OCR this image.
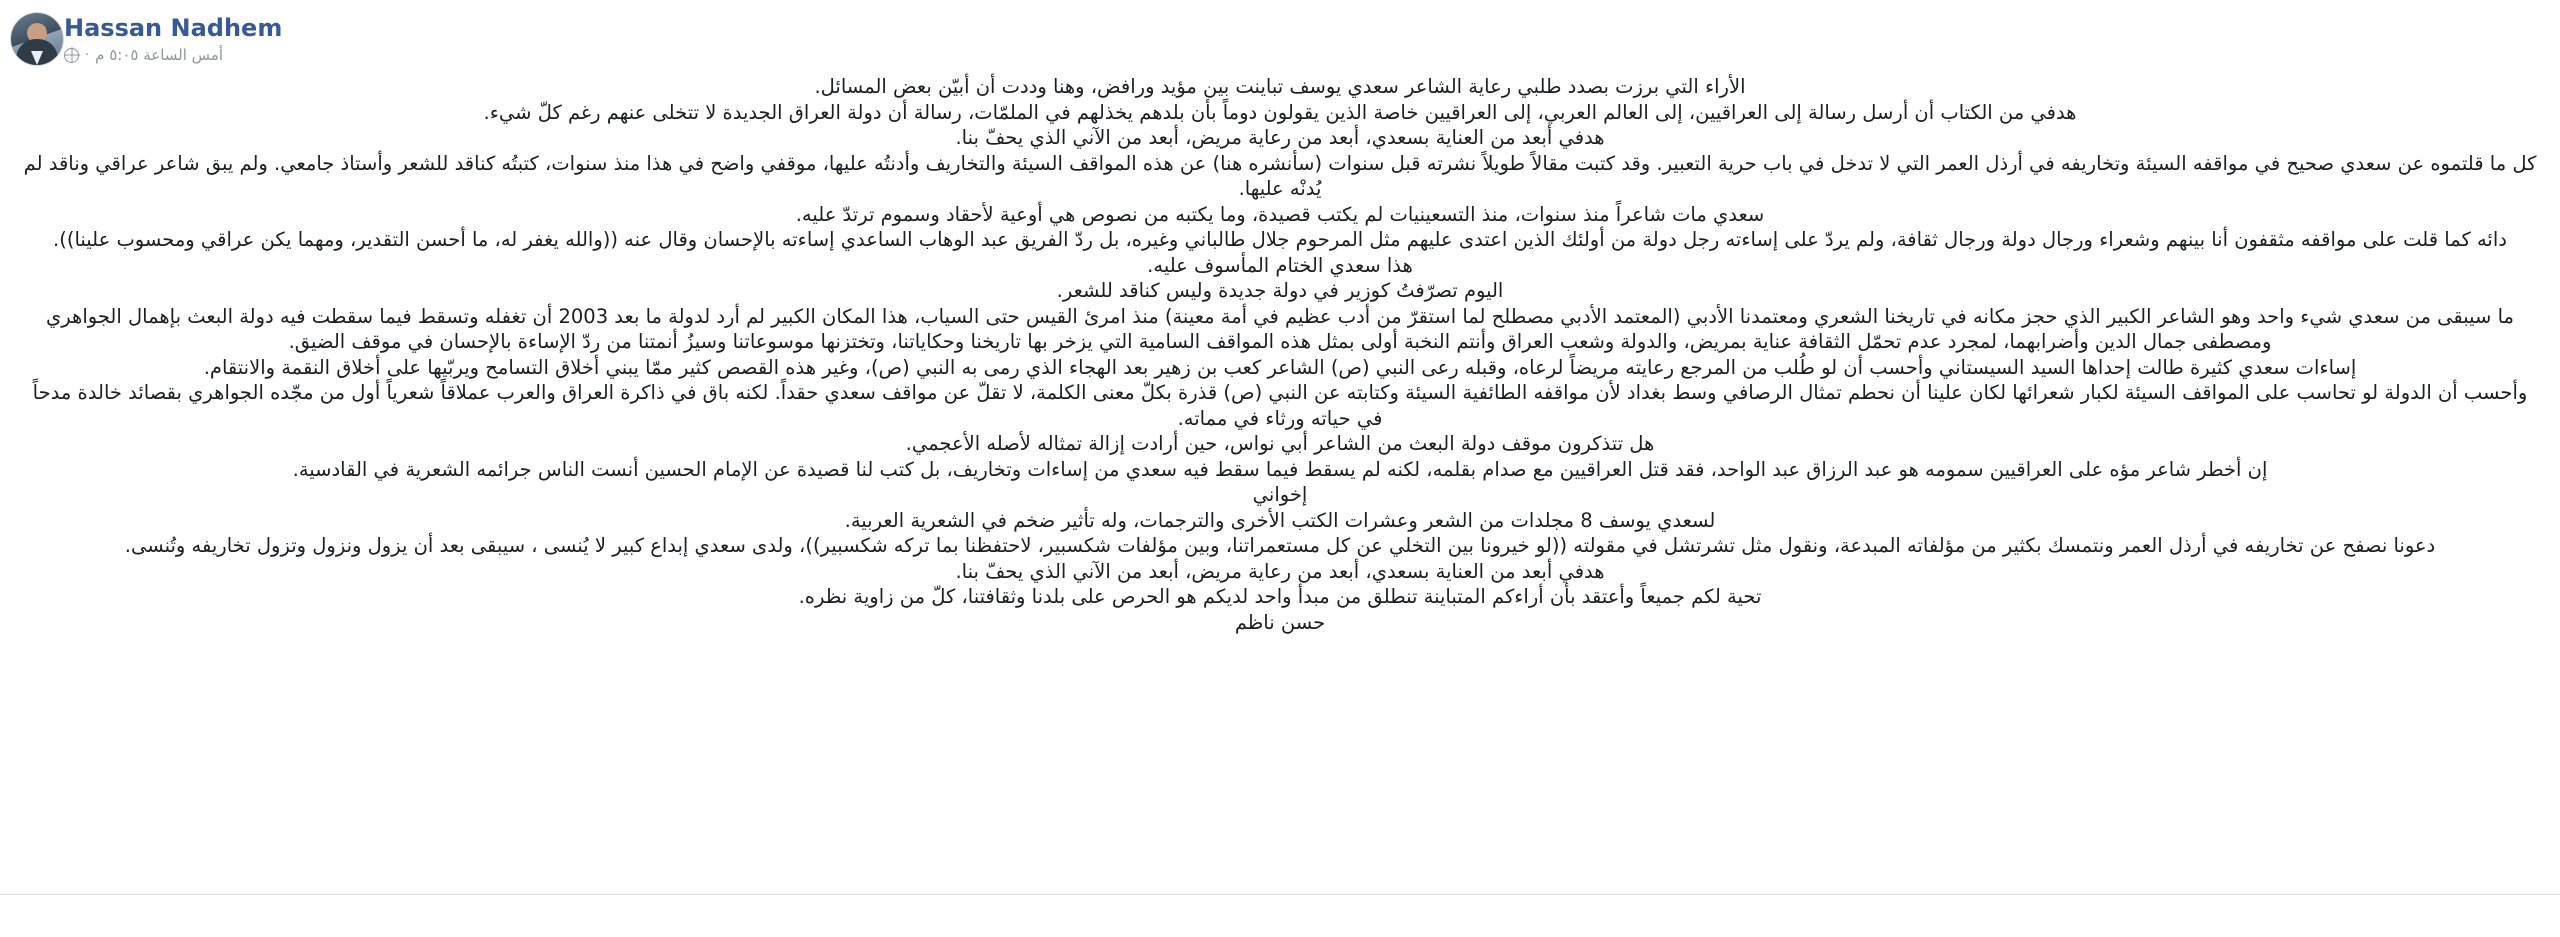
Hassan Nadhem
أمس الساعة ٥:٠٥ م
·

الأراء التي برزت بصدد طلبي رعاية الشاعر سعدي يوسف تباينت بين مؤيد ورافض، وهنا وددت أن أبيّن بعض المسائل.

هدفي من الكتاب أن أرسل رسالة إلى العراقيين، إلى العالم العربي، إلى العراقيين خاصة الذين يقولون دوماً بأن بلدهم يخذلهم في الملمّات، رسالة أن دولة العراق الجديدة لا تتخلى عنهم رغم كلّ شيء.

هدفي أبعد من العناية بسعدي، أبعد من رعاية مريض، أبعد من الآني الذي يحفّ بنا.

كل ما قلتموه عن سعدي صحيح في مواقفه السيئة وتخاريفه في أرذل العمر التي لا تدخل في باب حرية التعبير. وقد كتبت مقالاً طويلاً نشرته قبل سنوات (سأنشره هنا) عن هذه المواقف السيئة والتخاريف وأدنتُه عليها، موقفي واضح في هذا منذ سنوات، كتبتُه كناقد للشعر وأستاذ جامعي. ولم يبق شاعر عراقي وناقد لم يُدنْه عليها.

سعدي مات شاعراً منذ سنوات، منذ التسعينيات لم يكتب قصيدة، وما يكتبه من نصوص هي أوعية لأحقاد وسموم ترتدّ عليه.

دائه كما قلت على مواقفه مثقفون أنا بينهم وشعراء ورجال دولة ورجال ثقافة، ولم يردّ على إساءته رجل دولة من أولئك الذين اعتدى عليهم مثل المرحوم جلال طالباني وغيره، بل ردّ الفريق عبد الوهاب الساعدي إساءته بالإحسان وقال عنه ((والله يغفر له، ما أحسن التقدير، ومهما يكن عراقي ومحسوب علينا)).

هذا سعدي الختام المأسوف عليه.

اليوم تصرّفتُ كوزير في دولة جديدة وليس كناقد للشعر.

ما سيبقى من سعدي شيء واحد وهو الشاعر الكبير الذي حجز مكانه في تاريخنا الشعري ومعتمدنا الأدبي (المعتمد الأدبي مصطلح لما استقرّ من أدب عظيم في أمة معينة) منذ امرئ القيس حتى السياب، هذا المكان الكبير لم أرد لدولة ما بعد 2003 أن تغفله وتسقط فيما سقطت فيه دولة البعث بإهمال الجواهري ومصطفى جمال الدين وأضرابهما، لمجرد عدم تحمّل الثقافة عناية بمريض، والدولة وشعب العراق وأنتم النخبة أولى بمثل هذه المواقف السامية التي يزخر بها تاريخنا وحكاياتنا، وتختزنها موسوعاتنا وسيزُ أنمتنا من ردّ الإساءة بالإحسان في موقف الضيق.

إساءات سعدي كثيرة طالت إحداها السيد السيستاني وأحسب أن لو طُلب من المرجع رعايته مريضاً لرعاه، وقبله رعى النبي (ص) الشاعر كعب بن زهير بعد الهجاء الذي رمى به النبي (ص)، وغير هذه القصص كثير ممّا يبني أخلاق التسامح ويربّيها على أخلاق النقمة والانتقام.

وأحسب أن الدولة لو تحاسب على المواقف السيئة لكبار شعرائها لكان علينا أن نحطم تمثال الرصافي وسط بغداد لأن مواقفه الطائفية السيئة وكتابته عن النبي (ص) قذرة بكلّ معنى الكلمة، لا تقلّ عن مواقف سعدي حقداً. لكنه باق في ذاكرة العراق والعرب عملاقاً شعرياً أول من مجّده الجواهري بقصائد خالدة مدحاً في حياته ورثاء في مماته.

هل تتذكرون موقف دولة البعث من الشاعر أبي نواس، حين أرادت إزالة تمثاله لأصله الأعجمي.

إن أخطر شاعر مؤه على العراقيين سمومه هو عبد الرزاق عبد الواحد، فقد قتل العراقيين مع صدام بقلمه، لكنه لم يسقط فيما سقط فيه سعدي من إساءات وتخاريف، بل كتب لنا قصيدة عن الإمام الحسين أنست الناس جرائمه الشعرية في القادسية.

إخواني

لسعدي يوسف 8 مجلدات من الشعر وعشرات الكتب الأخرى والترجمات، وله تأثير ضخم في الشعرية العربية.

دعونا نصفح عن تخاريفه في أرذل العمر ونتمسك بكثير من مؤلفاته المبدعة، ونقول مثل تشرتشل في مقولته ((لو خيرونا بين التخلي عن كل مستعمراتنا، وبين مؤلفات شكسبير، لاحتفظنا بما تركه شكسبير))، ولدى سعدي إبداع كبير لا يُنسى ، سيبقى بعد أن يزول ونزول وتزول تخاريفه وتُنسى.

هدفي أبعد من العناية بسعدي، أبعد من رعاية مريض، أبعد من الآني الذي يحفّ بنا.

تحية لكم جميعاً وأعتقد بأن أراءكم المتباينة تنطلق من مبدأ واحد لديكم هو الحرص على بلدنا وثقافتنا، كلّ من زاوية نظره.

حسن ناظم
